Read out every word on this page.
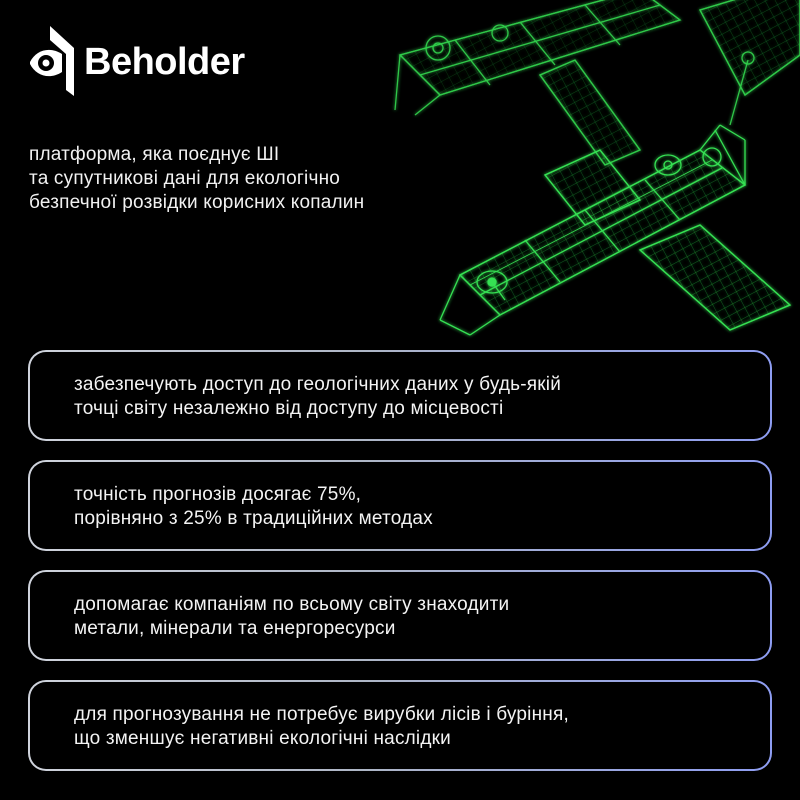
Beholder
платформа, яка поєднує ШІ
та супутникові дані для екологічно
безпечної розвідки корисних копалин
забезпечують доступ до геологічних даних у будь-якій
точці світу незалежно від доступу до місцевості
точність прогнозів досягає 75%,
порівняно з 25% в традиційних методах
допомагає компаніям по всьому світу знаходити
метали, мінерали та енергоресурси
для прогнозування не потребує вирубки лісів і буріння,
що зменшує негативні екологічні наслідки
